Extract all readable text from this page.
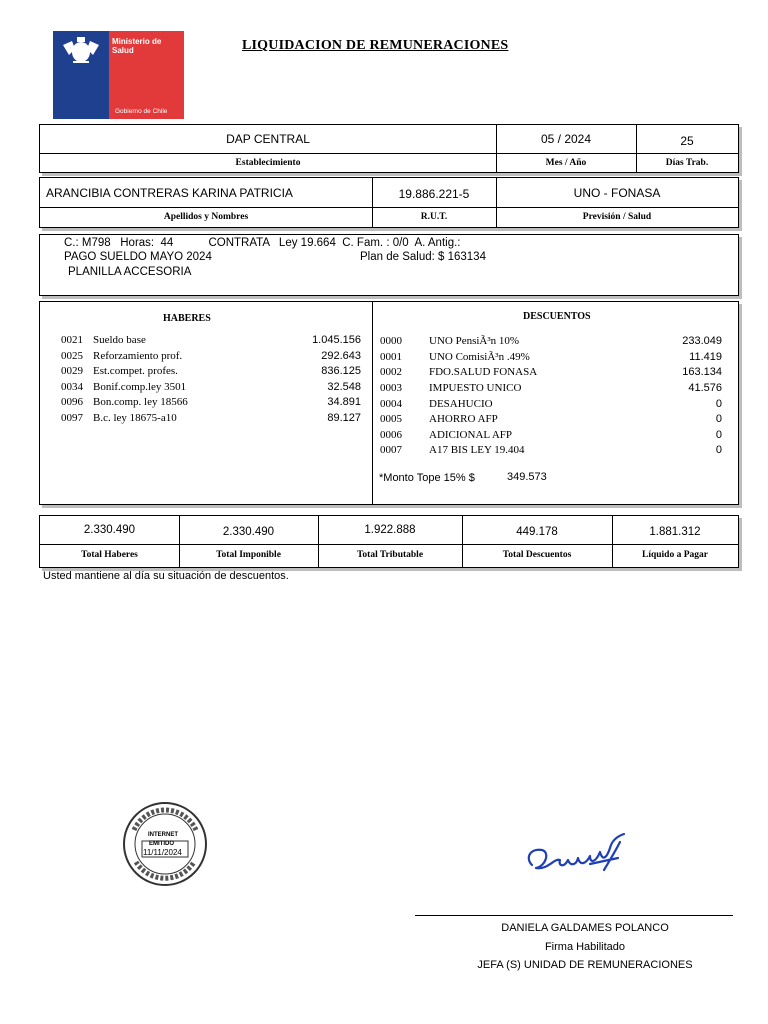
Ministerio de
Salud
Gobierno de Chile
LIQUIDACION DE REMUNERACIONES
DAP CENTRAL	05 / 2024	25
Establecimiento	Mes / Año	Días Trab.
ARANCIBIA CONTRERAS KARINA PATRICIA	19.886.221-5	UNO - FONASA
Apellidos y Nombres	R.U.T.	Previsión / Salud
C.: M798   Horas:  44           CONTRATA   Ley 19.664  C. Fam. : 0/0  A. Antig.:
PAGO SUELDO MAYO 2024	Plan de Salud: $ 163134
PLANILLA ACCESORIA
HABERES	DESCUENTOS
0021 Sueldo base	1.045.156
0025 Reforzamiento prof.	292.643
0029 Est.compet. profes.	836.125
0034 Bonif.comp.ley 3501	32.548
0096 Bon.comp. ley 18566	34.891
0097 B.c. ley 18675-a10	89.127
0000	UNO PensiÃ³n 10%	233.049
0001	UNO ComisiÃ³n .49%	11.419
0002	FDO.SALUD FONASA	163.134
0003	IMPUESTO UNICO	41.576
0004	DESAHUCIO	0
0005	AHORRO AFP	0
0006	ADICIONAL AFP	0
0007	A17 BIS LEY 19.404	0
*Monto Tope 15% $	349.573
2.330.490	2.330.490	1.922.888	449.178	1.881.312
Total Haberes	Total Imponible	Total Tributable	Total Descuentos	Líquido a Pagar
Usted mantiene al día su situación de descuentos.
INTERNET
EMITIDO
11/11/2024
DANIELA GALDAMES POLANCO
Firma Habilitado
JEFA (S) UNIDAD DE REMUNERACIONES
